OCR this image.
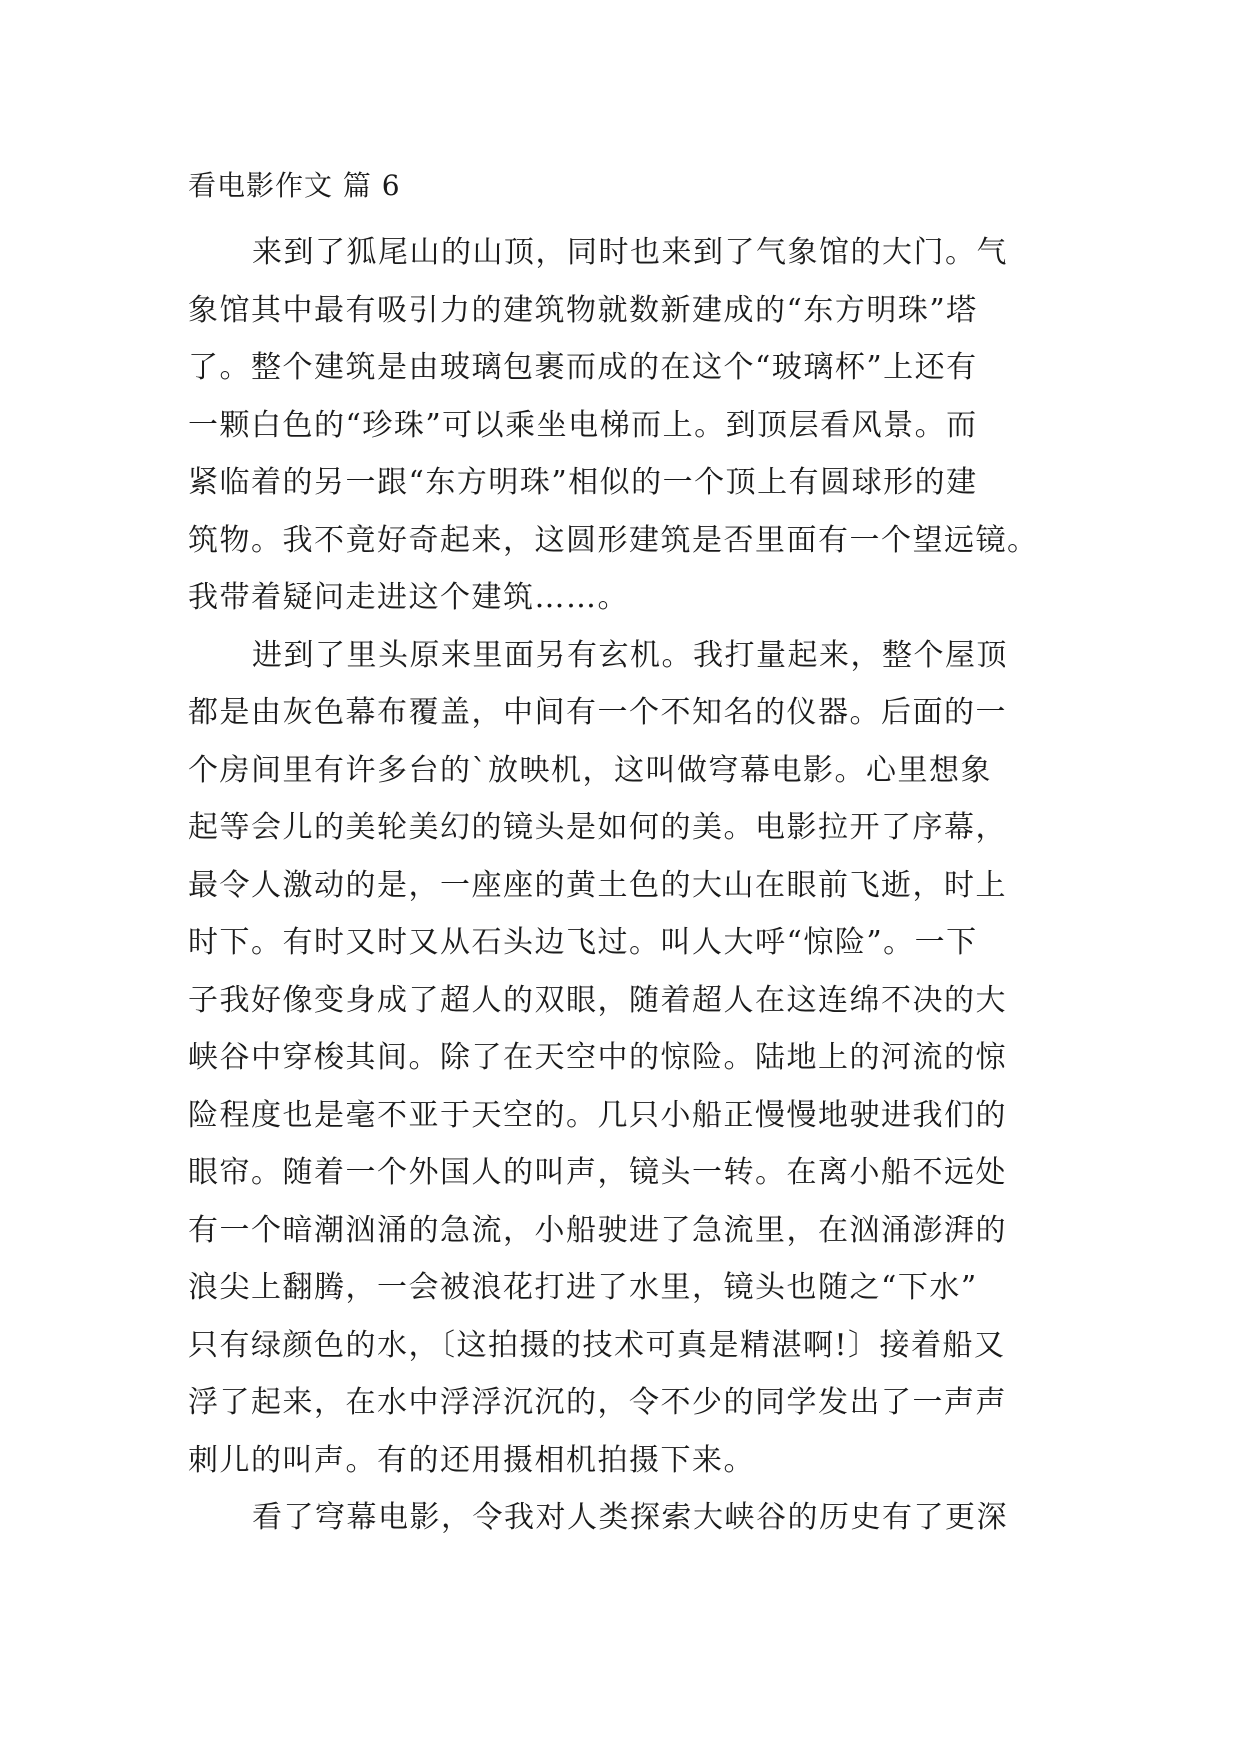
看电影作文 篇 6
来到了狐尾山的山顶，同时也来到了气象馆的大门。气
象馆其中最有吸引力的建筑物就数新建成的“东方明珠”塔
了。整个建筑是由玻璃包裹而成的在这个“玻璃杯”上还有
一颗白色的“珍珠”可以乘坐电梯而上。到顶层看风景。而
紧临着的另一跟“东方明珠”相似的一个顶上有圆球形的建
筑物。我不竟好奇起来，这圆形建筑是否里面有一个望远镜。
我带着疑问走进这个建筑……。
进到了里头原来里面另有玄机。我打量起来，整个屋顶
都是由灰色幕布覆盖，中间有一个不知名的仪器。后面的一
个房间里有许多台的`放映机，这叫做穹幕电影。心里想象
起等会儿的美轮美幻的镜头是如何的美。电影拉开了序幕，
最令人激动的是，一座座的黄土色的大山在眼前飞逝，时上
时下。有时又时又从石头边飞过。叫人大呼“惊险”。一下
子我好像变身成了超人的双眼，随着超人在这连绵不决的大
峡谷中穿梭其间。除了在天空中的惊险。陆地上的河流的惊
险程度也是毫不亚于天空的。几只小船正慢慢地驶进我们的
眼帘。随着一个外国人的叫声，镜头一转。在离小船不远处
有一个暗潮汹涌的急流，小船驶进了急流里，在汹涌澎湃的
浪尖上翻腾，一会被浪花打进了水里，镜头也随之“下水”
只有绿颜色的水，〔这拍摄的技术可真是精湛啊!〕接着船又
浮了起来，在水中浮浮沉沉的，令不少的同学发出了一声声
刺儿的叫声。有的还用摄相机拍摄下来。
看了穹幕电影，令我对人类探索大峡谷的历史有了更深
